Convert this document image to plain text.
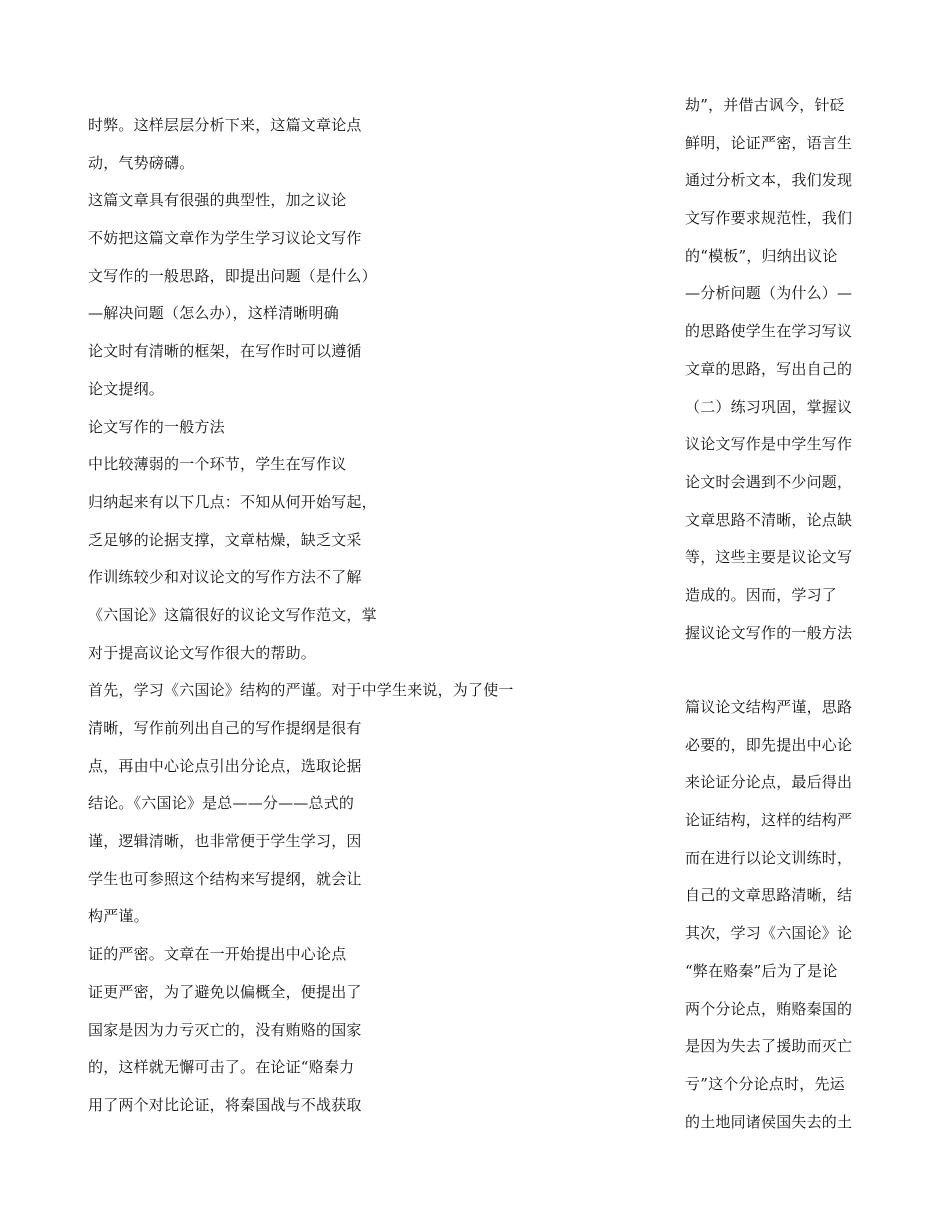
时弊。这样层层分析下来，这篇文章论点
动，气势磅礴。
这篇文章具有很强的典型性，加之议论
不妨把这篇文章作为学生学习议论文写作
文写作的一般思路，即提出问题（是什么）
—解决问题（怎么办），这样清晰明确
论文时有清晰的框架，在写作时可以遵循
论文提纲。
论文写作的一般方法
中比较薄弱的一个环节，学生在写作议
归纳起来有以下几点：不知从何开始写起，
乏足够的论据支撑，文章枯燥，缺乏文采
作训练较少和对议论文的写作方法不了解
《六国论》这篇很好的议论文写作范文，掌
对于提高议论文写作很大的帮助。
首先，学习《六国论》结构的严谨。对于中学生来说，为了使一
清晰，写作前列出自己的写作提纲是很有
点，再由中心论点引出分论点，选取论据
结论。《六国论》是总——分——总式的
谨，逻辑清晰，也非常便于学生学习，因
学生也可参照这个结构来写提纲，就会让
构严谨。
证的严密。文章在一开始提出中心论点
证更严密，为了避免以偏概全，便提出了
国家是因为力亏灭亡的，没有贿赂的国家
的，这样就无懈可击了。在论证“赂秦力
用了两个对比论证，将秦国战与不战获取
劫”，并借古讽今，针砭
鲜明，论证严密，语言生
通过分析文本，我们发现
文写作要求规范性，我们
的“模板”，归纳出议论
—分析问题（为什么）—
的思路使学生在学习写议
文章的思路，写出自己的
（二）练习巩固，掌握议
议论文写作是中学生写作
论文时会遇到不少问题，
文章思路不清晰，论点缺
等，这些主要是议论文写
造成的。因而，学习了
握议论文写作的一般方法
篇议论文结构严谨，思路
必要的，即先提出中心论
来论证分论点，最后得出
论证结构，这样的结构严
而在进行以论文训练时，
自己的文章思路清晰，结
其次，学习《六国论》论
“弊在赂秦”后为了是论
两个分论点，贿赂秦国的
是因为失去了援助而灭亡
亏”这个分论点时，先运
的土地同诸侯国失去的土
